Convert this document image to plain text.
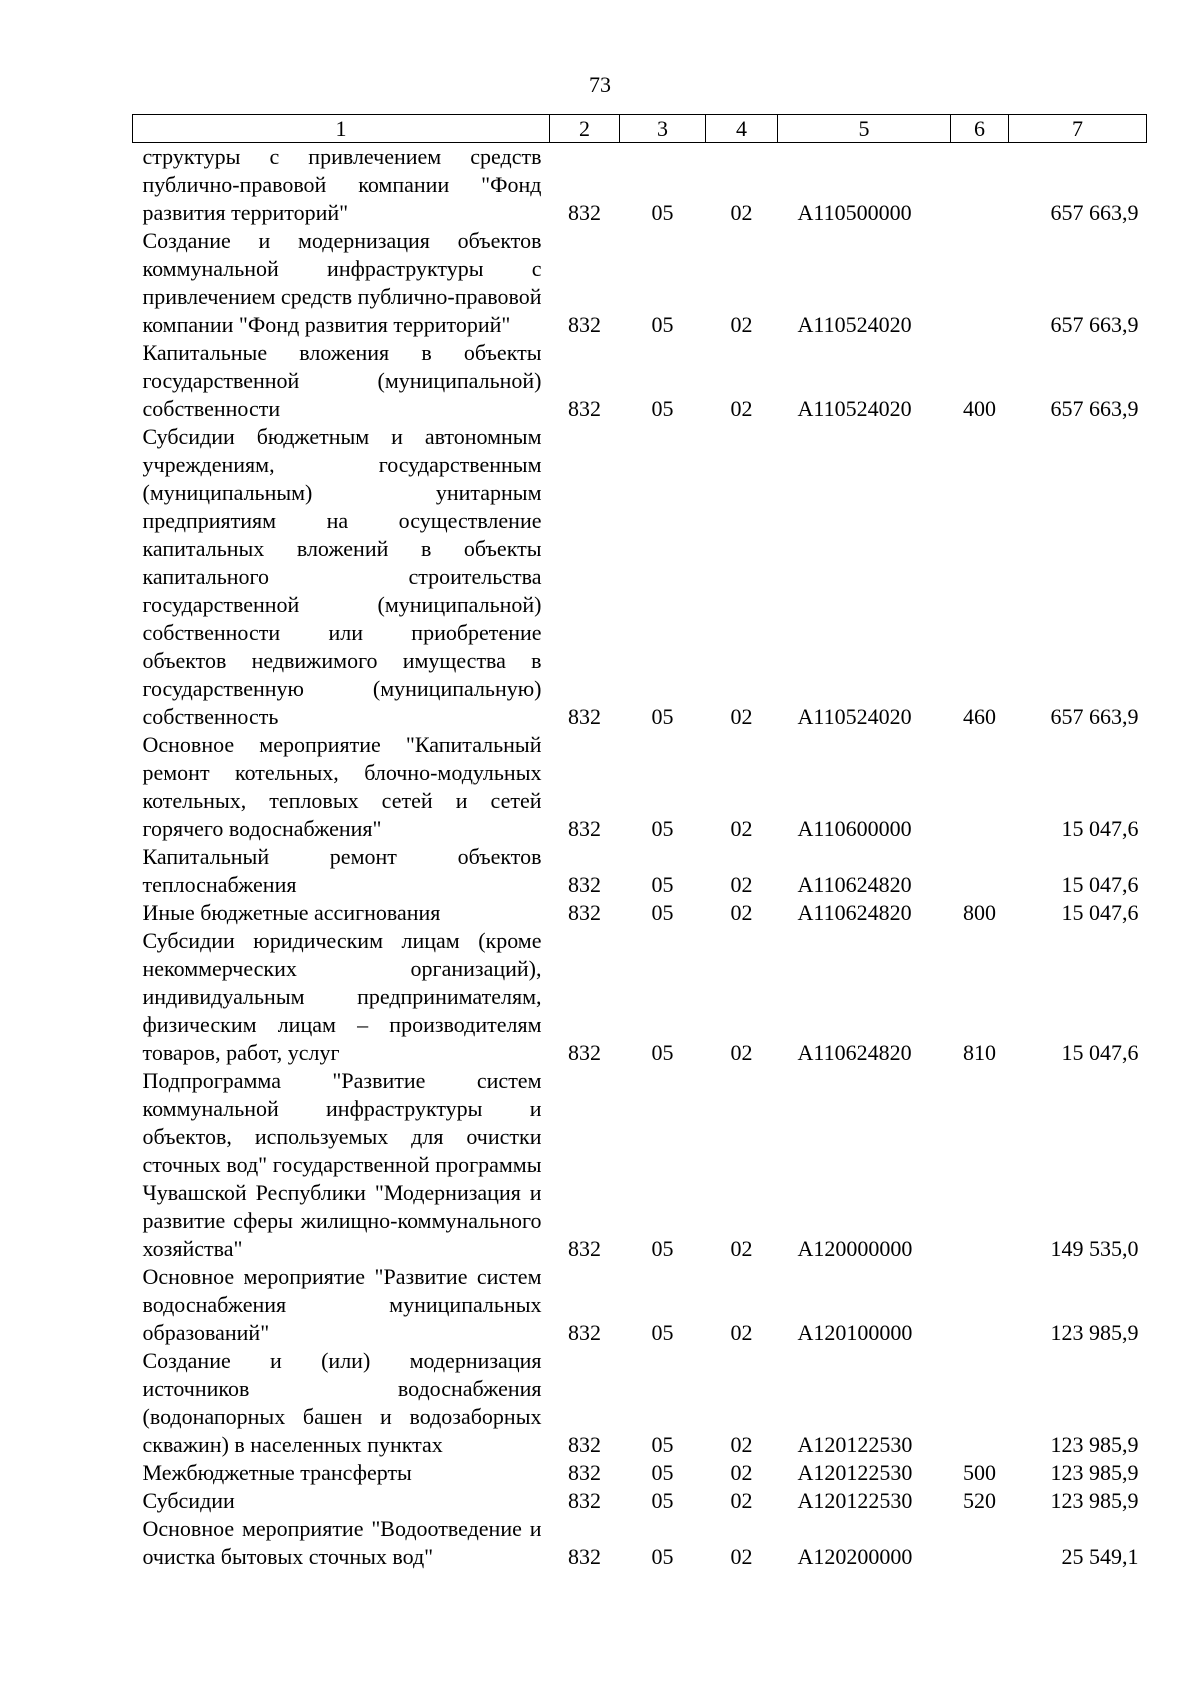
73
1	2	3	4	5	6	7
структуры с привлечением средств публично-правовой компании "Фонд развития территорий"	832	05	02	А110500000		657 663,9
Создание и модернизация объектов коммунальной инфраструктуры с привлечением средств публично-правовой компании "Фонд развития территорий"	832	05	02	А110524020		657 663,9
Капитальные вложения в объекты государственной (муниципальной) собственности	832	05	02	А110524020	400	657 663,9
Субсидии бюджетным и автономным учреждениям, государственным (муниципальным) унитарным предприятиям на осуществление капитальных вложений в объекты капитального строительства государственной (муниципальной) собственности или приобретение объектов недвижимого имущества в государственную (муниципальную) собственность	832	05	02	А110524020	460	657 663,9
Основное мероприятие "Капитальный ремонт котельных, блочно-модульных котельных, тепловых сетей и сетей горячего водоснабжения"	832	05	02	А110600000		15 047,6
Капитальный ремонт объектов теплоснабжения	832	05	02	А110624820		15 047,6
Иные бюджетные ассигнования	832	05	02	А110624820	800	15 047,6
Субсидии юридическим лицам (кроме некоммерческих организаций), индивидуальным предпринимателям, физическим лицам – производителям товаров, работ, услуг	832	05	02	А110624820	810	15 047,6
Подпрограмма "Развитие систем коммунальной инфраструктуры и объектов, используемых для очистки сточных вод" государственной программы Чувашской Республики "Модернизация и развитие сферы жилищно-коммунального хозяйства"	832	05	02	А120000000		149 535,0
Основное мероприятие "Развитие систем водоснабжения муниципальных образований"	832	05	02	А120100000		123 985,9
Создание и (или) модернизация источников водоснабжения (водонапорных башен и водозаборных скважин) в населенных пунктах	832	05	02	А120122530		123 985,9
Межбюджетные трансферты	832	05	02	А120122530	500	123 985,9
Субсидии	832	05	02	А120122530	520	123 985,9
Основное мероприятие "Водоотведение и очистка бытовых сточных вод"	832	05	02	А120200000		25 549,1
